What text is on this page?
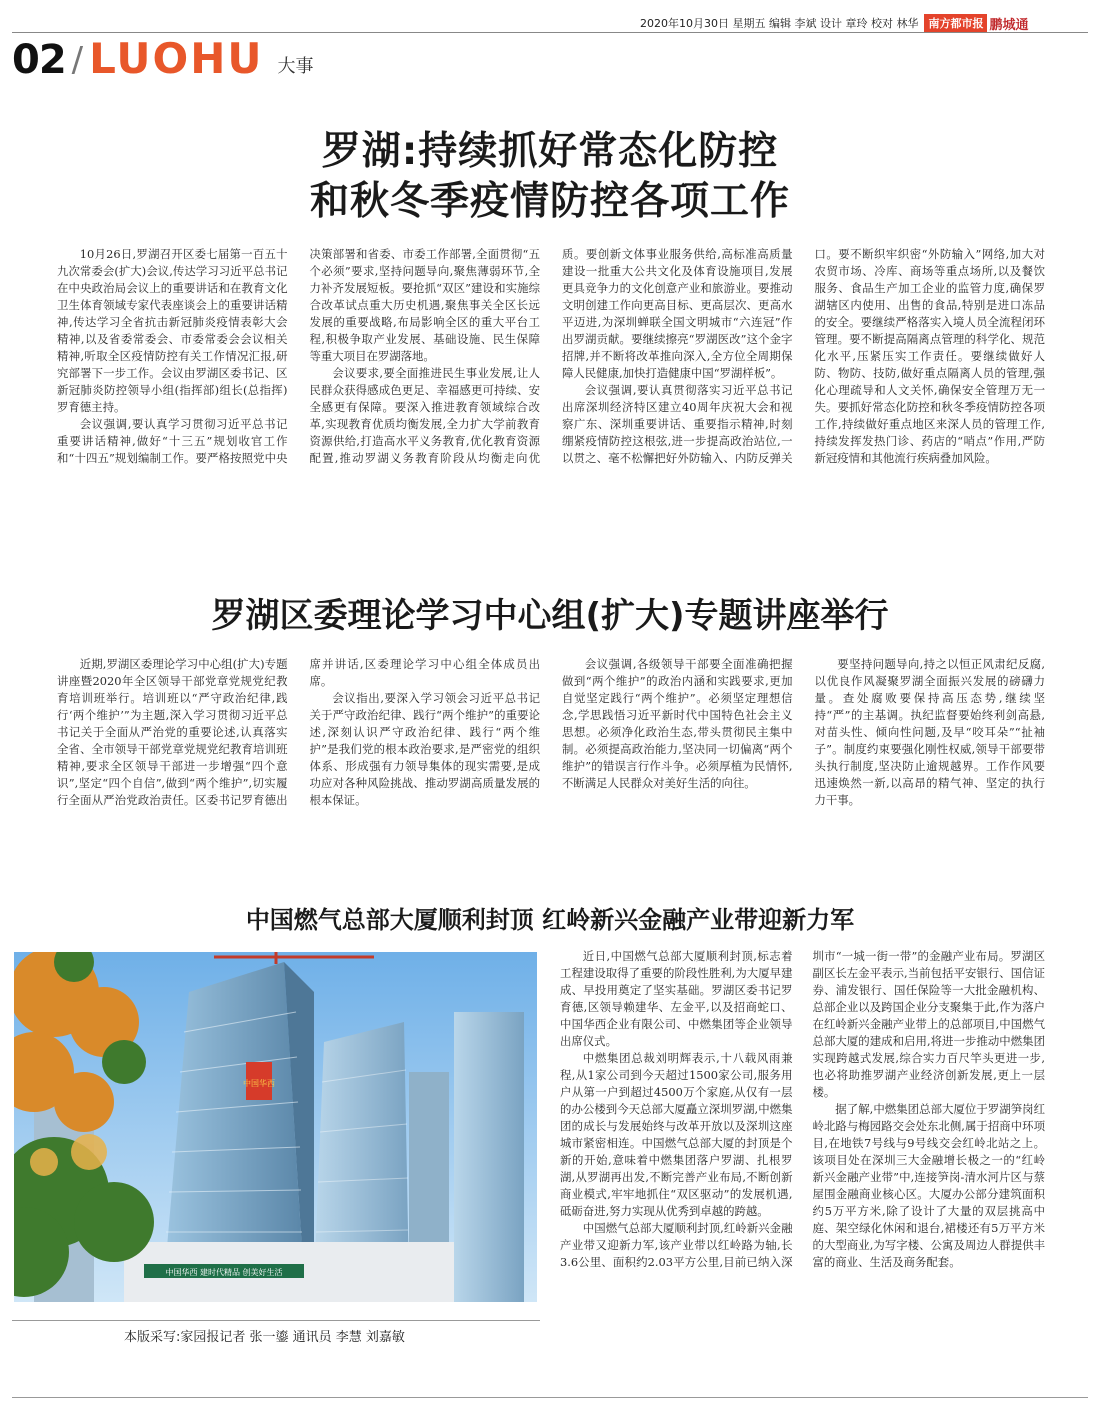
2020年10月30日 星期五 编辑 李斌 设计 章玲 校对 林华 南方都市报 鹏城通
02 / LUOHU 大事
罗湖:持续抓好常态化防控
和秋冬季疫情防控各项工作

10月26日,罗湖召开区委七届第一百五十九次常委会(扩大)会议,传达学习习近平总书记在中央政治局会议上的重要讲话和在教育文化卫生体育领域专家代表座谈会上的重要讲话精神,传达学习全省抗击新冠肺炎疫情表彰大会精神,以及省委常委会、市委常委会会议相关精神,听取全区疫情防控有关工作情况汇报,研究部署下一步工作。会议由罗湖区委书记、区新冠肺炎防控领导小组(指挥部)组长(总指挥)罗育德主持。

会议强调,要认真学习贯彻习近平总书记重要讲话精神,做好“十三五”规划收官工作和“十四五”规划编制工作。要严格按照党中央决策部署和省委、市委工作部署,全面贯彻“五个必须”要求,坚持问题导向,聚焦薄弱环节,全力补齐发展短板。要抢抓“双区”建设和实施综合改革试点重大历史机遇,聚焦事关全区长远发展的重要战略,布局影响全区的重大平台工程,积极争取产业发展、基础设施、民生保障等重大项目在罗湖落地。

会议要求,要全面推进民生事业发展,让人民群众获得感成色更足、幸福感更可持续、安全感更有保障。要深入推进教育领域综合改革,实现教育优质均衡发展,全力扩大学前教育资源供给,打造高水平义务教育,优化教育资源配置,推动罗湖义务教育阶段从均衡走向优质。要创新文体事业服务供给,高标准高质量建设一批重大公共文化及体育设施项目,发展更具竞争力的文化创意产业和旅游业。要推动文明创建工作向更高目标、更高层次、更高水平迈进,为深圳蝉联全国文明城市“六连冠”作出罗湖贡献。要继续擦亮“罗湖医改”这个金字招牌,并不断将改革推向深入,全方位全周期保障人民健康,加快打造健康中国“罗湖样板”。

会议强调,要认真贯彻落实习近平总书记出席深圳经济特区建立40周年庆祝大会和视察广东、深圳重要讲话、重要指示精神,时刻绷紧疫情防控这根弦,进一步提高政治站位,一以贯之、毫不松懈把好外防输入、内防反弹关口。要不断织牢织密“外防输入”网络,加大对农贸市场、冷库、商场等重点场所,以及餐饮服务、食品生产加工企业的监管力度,确保罗湖辖区内使用、出售的食品,特别是进口冻品的安全。要继续严格落实入境人员全流程闭环管理。要不断提高隔离点管理的科学化、规范化水平,压紧压实工作责任。要继续做好人防、物防、技防,做好重点隔离人员的管理,强化心理疏导和人文关怀,确保安全管理万无一失。要抓好常态化防控和秋冬季疫情防控各项工作,持续做好重点地区来深人员的管理工作,持续发挥发热门诊、药店的“哨点”作用,严防新冠疫情和其他流行疾病叠加风险。

罗湖区委理论学习中心组(扩大)专题讲座举行

近期,罗湖区委理论学习中心组(扩大)专题讲座暨2020年全区领导干部党章党规党纪教育培训班举行。培训班以“严守政治纪律,践行‘两个维护’”为主题,深入学习贯彻习近平总书记关于全面从严治党的重要论述,认真落实全省、全市领导干部党章党规党纪教育培训班精神,要求全区领导干部进一步增强“四个意识”,坚定“四个自信”,做到“两个维护”,切实履行全面从严治党政治责任。区委书记罗育德出席并讲话,区委理论学习中心组全体成员出席。

会议指出,要深入学习领会习近平总书记关于严守政治纪律、践行“两个维护”的重要论述,深刻认识严守政治纪律、践行“两个维护”是我们党的根本政治要求,是严密党的组织体系、形成强有力领导集体的现实需要,是成功应对各种风险挑战、推动罗湖高质量发展的根本保证。

会议强调,各级领导干部要全面准确把握做到“两个维护”的政治内涵和实践要求,更加自觉坚定践行“两个维护”。必须坚定理想信念,学思践悟习近平新时代中国特色社会主义思想。必须净化政治生态,带头贯彻民主集中制。必须提高政治能力,坚决同一切偏离“两个维护”的错误言行作斗争。必须厚植为民情怀,不断满足人民群众对美好生活的向往。

要坚持问题导向,持之以恒正风肃纪反腐,以优良作风凝聚罗湖全面振兴发展的磅礴力量。查处腐败要保持高压态势,继续坚持“严”的主基调。执纪监督要始终利剑高悬,对苗头性、倾向性问题,及早“咬耳朵”“扯袖子”。制度约束要强化刚性权威,领导干部要带头执行制度,坚决防止逾规越界。工作作风要迅速焕然一新,以高昂的精气神、坚定的执行力干事。

中国燃气总部大厦顺利封顶 红岭新兴金融产业带迎新力军
中国华西
中国华西 建时代精品 创美好生活

近日,中国燃气总部大厦顺利封顶,标志着工程建设取得了重要的阶段性胜利,为大厦早建成、早投用奠定了坚实基础。罗湖区委书记罗育德,区领导赖建华、左金平,以及招商蛇口、中国华西企业有限公司、中燃集团等企业领导出席仪式。

中燃集团总裁刘明辉表示,十八载风雨兼程,从1家公司到今天超过1500家公司,服务用户从第一户到超过4500万个家庭,从仅有一层的办公楼到今天总部大厦矗立深圳罗湖,中燃集团的成长与发展始终与改革开放以及深圳这座城市紧密相连。中国燃气总部大厦的封顶是个新的开始,意味着中燃集团落户罗湖、扎根罗湖,从罗湖再出发,不断完善产业布局,不断创新商业模式,牢牢地抓住“双区驱动”的发展机遇,砥砺奋进,努力实现从优秀到卓越的跨越。

中国燃气总部大厦顺利封顶,红岭新兴金融产业带又迎新力军,该产业带以红岭路为轴,长3.6公里、面积约2.03平方公里,目前已纳入深圳市“一城一街一带”的金融产业布局。罗湖区副区长左金平表示,当前包括平安银行、国信证券、浦发银行、国任保险等一大批金融机构、总部企业以及跨国企业分支聚集于此,作为落户在红岭新兴金融产业带上的总部项目,中国燃气总部大厦的建成和启用,将进一步推动中燃集团实现跨越式发展,综合实力百尺竿头更进一步,也必将助推罗湖产业经济创新发展,更上一层楼。

据了解,中燃集团总部大厦位于罗湖笋岗红岭北路与梅园路交会处东北侧,属于招商中环项目,在地铁7号线与9号线交会红岭北站之上。该项目处在深圳三大金融增长极之一的“红岭新兴金融产业带”中,连接笋岗-清水河片区与蔡屋围金融商业核心区。大厦办公部分建筑面积约5万平方米,除了设计了大量的双层挑高中庭、架空绿化休闲和退台,裙楼还有5万平方米的大型商业,为写字楼、公寓及周边人群提供丰富的商业、生活及商务配套。

本版采写:家园报记者 张一鎏 通讯员 李慧 刘嘉敏
